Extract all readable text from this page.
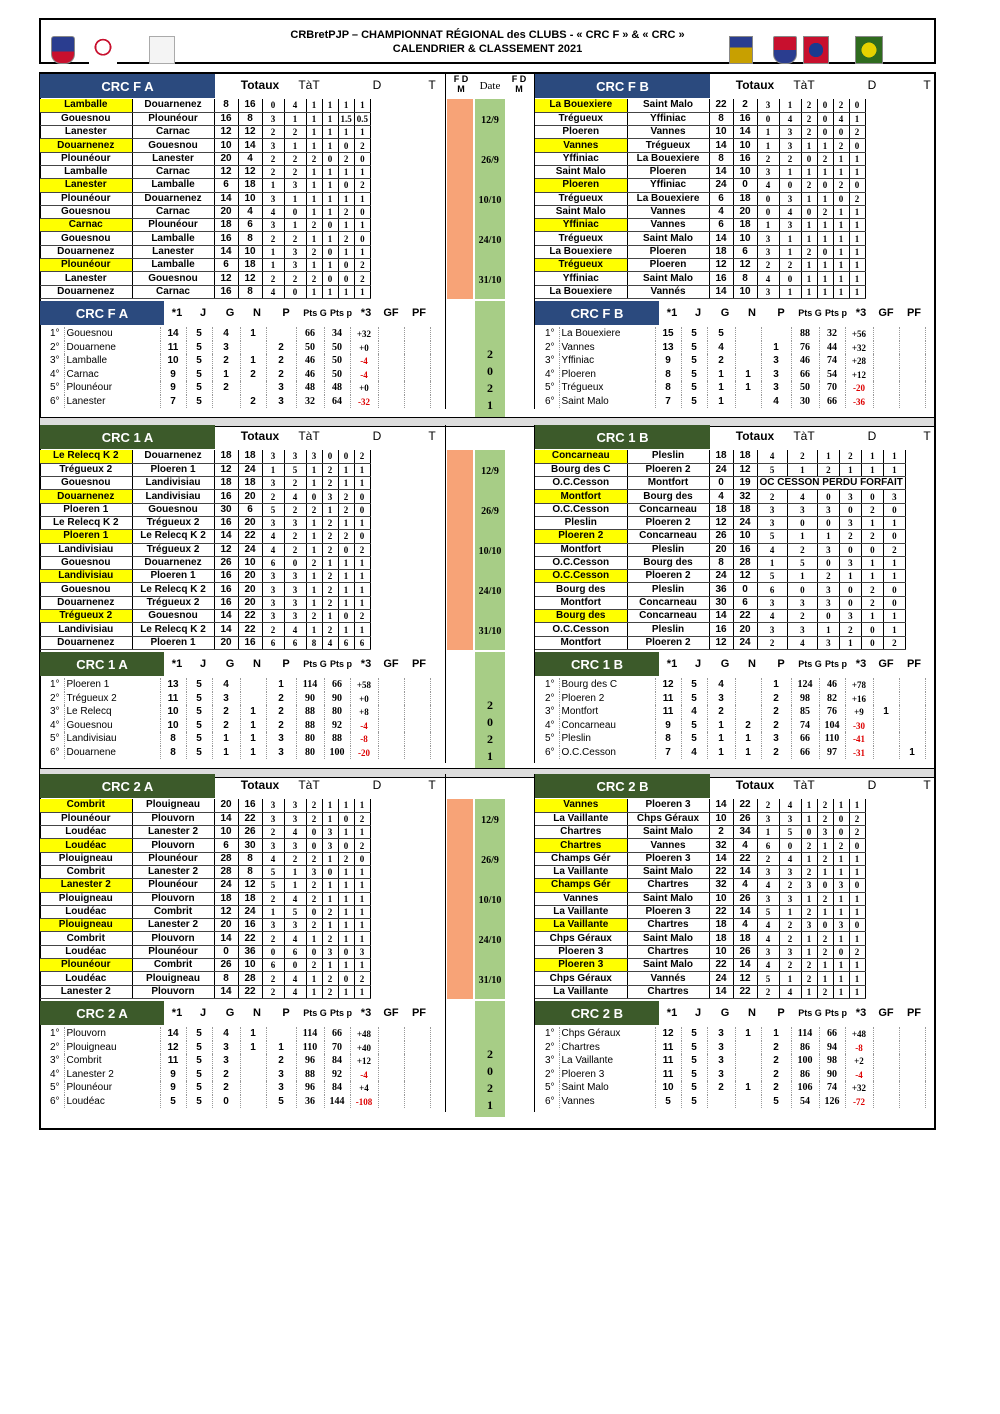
CRBretPJP – CHAMPIONNAT RÉGIONAL des CLUBS - « CRC F » & « CRC »
CALENDRIER & CLASSEMENT 2021
CRC F A	Totaux	TàT	D	T	CRC F B	Totaux	TàT	D	T
F D M
F D M
Date
12/9
26/9
10/10
24/10
31/10
Lamballe	Douarnenez	8	16	0	4	1	1	1	1
Gouesnou	Plounéour	16	8	3	1	1	1	1.5	0.5
Lanester	Carnac	12	12	2	2	1	1	1	1
Douarnenez	Gouesnou	10	14	3	1	1	1	0	2
Plounéour	Lanester	20	4	2	2	2	0	2	0
Lamballe	Carnac	12	12	2	2	1	1	1	1
Lanester	Lamballe	6	18	1	3	1	1	0	2
Plounéour	Douarnenez	14	10	3	1	1	1	1	1
Gouesnou	Carnac	20	4	4	0	1	1	2	0
Carnac	Plounéour	18	6	3	1	2	0	1	1
Gouesnou	Lamballe	16	8	2	2	1	1	2	0
Douarnenez	Lanester	14	10	1	3	2	0	1	1
Plounéour	Lamballe	6	18	1	3	1	1	0	2
Lanester	Gouesnou	12	12	2	2	2	0	0	2
Douarnenez	Carnac	16	8	4	0	1	1	1	1
La Bouexiere	Saint Malo	22	2	3	1	2	0	2	0
Trégueux	Yffiniac	8	16	0	4	2	0	4	1
Ploeren	Vannes	10	14	1	3	2	0	0	2
Vannes	Trégueux	14	10	1	3	1	1	2	0
Yffiniac	La Bouexiere	8	16	2	2	0	2	1	1
Saint Malo	Ploeren	14	10	3	1	1	1	1	1
Ploeren	Yffiniac	24	0	4	0	2	0	2	0
Trégueux	La Bouexiere	6	18	0	3	1	1	0	2
Saint Malo	Vannes	4	20	0	4	0	2	1	1
Yffiniac	Vannes	6	18	1	3	1	1	1	1
Trégueux	Saint Malo	14	10	3	1	1	1	1	1
La Bouexiere	Ploeren	18	6	3	1	2	0	1	1
Trégueux	Ploeren	12	12	2	2	1	1	1	1
Yffiniac	Saint Malo	16	8	4	0	1	1	1	1
La Bouexiere	Vannés	14	10	3	1	1	1	1	1
CRC F A	*1	J	G	N	P	Pts G Pts p *3	GF	PF	CRC F B	*1	J	G	N	P	Pts G Pts p *3	GF	PF
2
0
2
1
1°	Gouesnou	14	5	4	1		66	34	+32		
2°	Douarnene	11	5	3		2	50	50	+0		
3°	Lamballe	10	5	2	1	2	46	50	-4		
4°	Carnac	9	5	1	2	2	46	50	-4		
5°	Plounéour	9	5	2		3	48	48	+0		
6°	Lanester	7	5		2	3	32	64	-32		
1°	La Bouexiere	15	5	5			88	32	+56		
2°	Vannes	13	5	4		1	76	44	+32		
3°	Yffiniac	9	5	2		3	46	74	+28		
4°	Ploeren	8	5	1	1	3	66	54	+12		
5°	Trégueux	8	5	1	1	3	50	70	-20		
6°	Saint Malo	7	5	1		4	30	66	-36		
CRC 1 A	Totaux	TàT	D	T	CRC 1 B	Totaux	TàT	D	T
12/9
26/9
10/10
24/10
31/10
Le Relecq K 2	Douarnenez	18	18	3	3	3	0	0	2
Trégueux 2	Ploeren 1	12	24	1	5	1	2	1	1
Gouesnou	Landivisiau	18	18	3	2	1	2	1	1
Douarnenez	Landivisiau	16	20	2	4	0	3	2	0
Ploeren 1	Gouesnou	30	6	5	2	2	1	2	0
Le Relecq K 2	Trégueux 2	16	20	3	3	1	2	1	1
Ploeren 1	Le Relecq K 2	14	22	4	2	1	2	2	0
Landivisiau	Trégueux 2	12	24	4	2	1	2	0	2
Gouesnou	Douarnenez	26	10	6	0	2	1	1	1
Landivisiau	Ploeren 1	16	20	3	3	1	2	1	1
Gouesnou	Le Relecq K 2	16	20	3	3	1	2	1	1
Douarnenez	Trégueux 2	16	20	3	3	1	2	1	1
Trégueux 2	Gouesnou	14	22	3	3	2	1	0	2
Landivisiau	Le Relecq K 2	14	22	2	4	1	2	1	1
Douarnenez	Ploeren 1	20	16	6	6	8	4	6	6
Concarneau	Pleslin	18	18	4	2	1	2	1	1
Bourg des C	Ploeren 2	24	12	5	1	2	1	1	1
O.C.Cesson	Montfort	0	19	OC CESSON PERDU FORFAIT					
Montfort	Bourg des	4	32	2	4	0	3	0	3
O.C.Cesson	Concarneau	18	18	3	3	3	0	2	0
Pleslin	Ploeren 2	12	24	3	0	0	3	1	1
Ploeren 2	Concarneau	26	10	5	1	1	2	2	0
Montfort	Pleslin	20	16	4	2	3	0	0	2
O.C.Cesson	Bourg des	8	28	1	5	0	3	1	1
O.C.Cesson	Ploeren 2	24	12	5	1	2	1	1	1
Bourg des	Pleslin	36	0	6	0	3	0	2	0
Montfort	Concarneau	30	6	3	3	3	0	2	0
Bourg des	Concarneau	14	22	4	2	0	3	1	1
O.C.Cesson	Pleslin	16	20	3	3	1	2	0	1
Montfort	Ploeren 2	12	24	2	4	3	1	0	2
CRC 1 A	*1	J	G	N	P	Pts G Pts p *3	GF	PF	CRC 1 B	*1	J	G	N	P	Pts G Pts p *3	GF	PF
2
0
2
1
1°	Ploeren 1	13	5	4		1	114	66	+58		
2°	Trégueux 2	11	5	3		2	90	90	+0		
3°	Le Relecq	10	5	2	1	2	88	80	+8		
4°	Gouesnou	10	5	2	1	2	88	92	-4		
5°	Landivisiau	8	5	1	1	3	80	88	-8		
6°	Douarnene	8	5	1	1	3	80	100	-20		
1°	Bourg des C	12	5	4		1	124	46	+78		
2°	Ploeren 2	11	5	3		2	98	82	+16		
3°	Montfort	11	4	2		2	85	76	+9	1	
4°	Concarneau	9	5	1	2	2	74	104	-30		
5°	Pleslin	8	5	1	1	3	66	110	-41		
6°	O.C.Cesson	7	4	1	1	2	66	97	-31		1
CRC 2 A	Totaux	TàT	D	T	CRC 2 B	Totaux	TàT	D	T
12/9
26/9
10/10
24/10
31/10
Combrit	Plouigneau	20	16	3	3	2	1	1	1
Plounéour	Plouvorn	14	22	3	3	2	1	0	2
Loudéac	Lanester 2	10	26	2	4	0	3	1	1
Loudéac	Plouvorn	6	30	3	3	0	3	0	2
Plouigneau	Plounéour	28	8	4	2	2	1	2	0
Combrit	Lanester 2	28	8	5	1	3	0	1	1
Lanester 2	Plounéour	24	12	5	1	2	1	1	1
Plouigneau	Plouvorn	18	18	2	4	2	1	1	1
Loudéac	Combrit	12	24	1	5	0	2	1	1
Plouigneau	Lanester 2	20	16	3	3	2	1	1	1
Combrit	Plouvorn	14	22	2	4	1	2	1	1
Loudéac	Plounéour	0	36	0	6	0	3	0	3
Plounéour	Combrit	26	10	6	0	2	1	1	1
Loudéac	Plouigneau	8	28	2	4	1	2	0	2
Lanester 2	Plouvorn	14	22	2	4	1	2	1	1
Vannes	Ploeren 3	14	22	2	4	1	2	1	1
La Vaillante	Chps Géraux	10	26	3	3	1	2	0	2
Chartres	Saint Malo	2	34	1	5	0	3	0	2
Chartres	Vannes	32	4	6	0	2	1	2	0
Champs Gér	Ploeren 3	14	22	2	4	1	2	1	1
La Vaillante	Saint Malo	22	14	3	3	2	1	1	1
Champs Gér	Chartres	32	4	4	2	3	0	3	0
Vannes	Saint Malo	10	26	3	3	1	2	1	1
La Vaillante	Ploeren 3	22	14	5	1	2	1	1	1
La Vaillante	Chartres	18	4	4	2	3	0	3	0
Chps Géraux	Saint Malo	18	18	4	2	1	2	1	1
Ploeren 3	Chartres	10	26	3	3	1	2	0	2
Ploeren 3	Saint Malo	22	14	4	2	2	1	1	1
Chps Géraux	Vannés	24	12	5	1	2	1	1	1
La Vaillante	Chartres	14	22	2	4	1	2	1	1
CRC 2 A	*1	J	G	N	P	Pts G Pts p *3	GF	PF	CRC 2 B	*1	J	G	N	P	Pts G Pts p *3	GF	PF
2
0
2
1
1°	Plouvorn	14	5	4	1		114	66	+48		
2°	Plouigneau	12	5	3	1	1	110	70	+40		
3°	Combrit	11	5	3		2	96	84	+12		
4°	Lanester 2	9	5	2		3	88	92	-4		
5°	Plounéour	9	5	2		3	96	84	+4		
6°	Loudéac	5	5	0		5	36	144	-108		
1°	Chps Géraux	12	5	3	1	1	114	66	+48		
2°	Chartres	11	5	3		2	86	94	-8		
3°	La Vaillante	11	5	3		2	100	98	+2		
2°	Ploeren 3	11	5	3		2	86	90	-4		
5°	Saint Malo	10	5	2	1	2	106	74	+32		
6°	Vannes	5	5			5	54	126	-72		
